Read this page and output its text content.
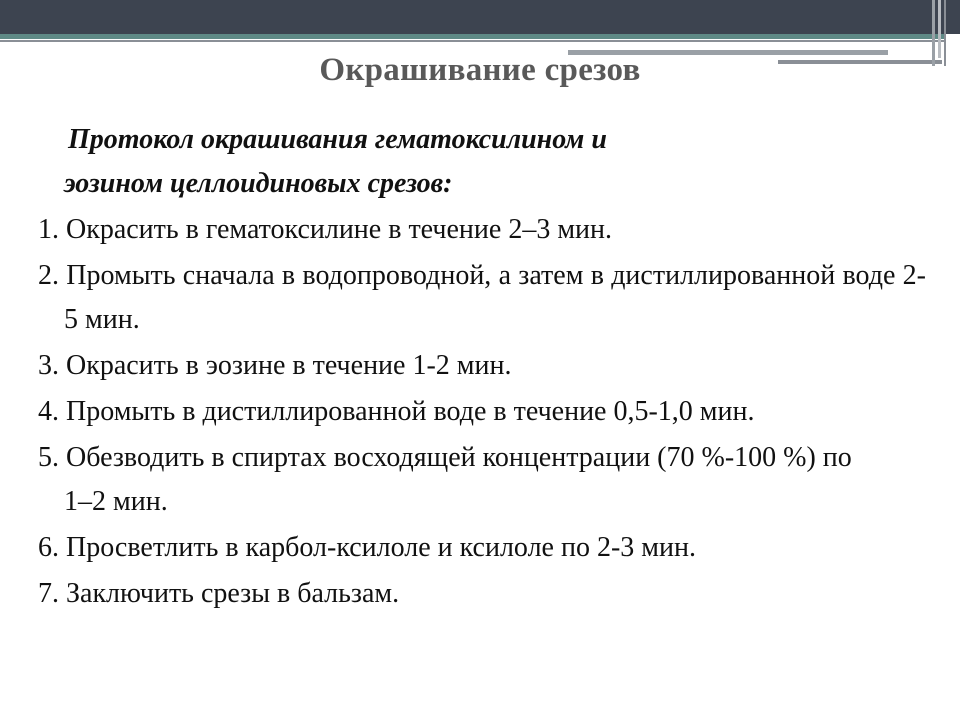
Окрашивание срезов
Протокол окрашивания гематоксилином и
эозином целлоидиновых срезов:
1. Окрасить в гематоксилине в течение 2–3 мин.
2. Промыть сначала в водопроводной, а затем в дистиллированной воде 2-5 мин.
3. Окрасить в эозине в течение 1-2 мин.
4. Промыть в дистиллированной воде в течение 0,5-1,0 мин.
5. Обезводить в спиртах восходящей концентрации (70 %-100 %) по 1–2 мин.
6. Просветлить в карбол-ксилоле и ксилоле по 2-3 мин.
7. Заключить срезы в бальзам.
